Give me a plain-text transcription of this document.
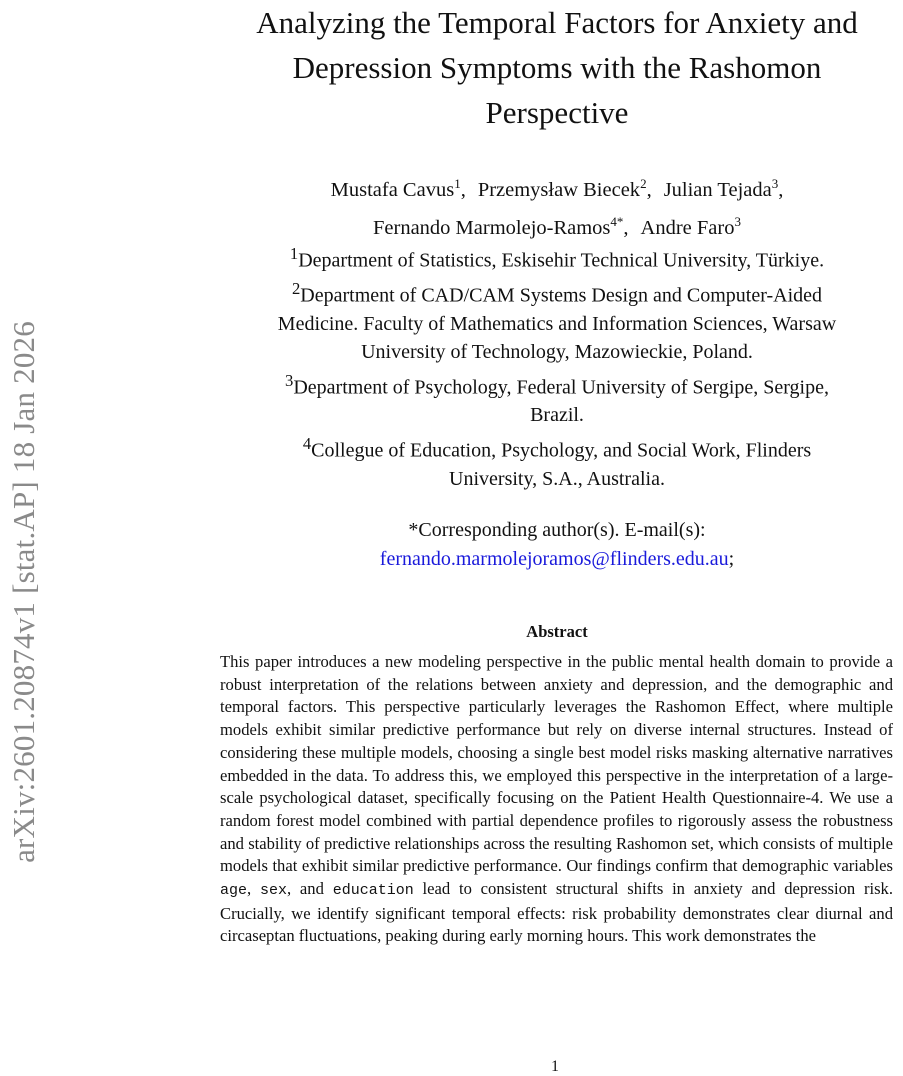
arXiv:2601.20874v1 [stat.AP] 18 Jan 2026
Analyzing the Temporal Factors for Anxiety and
Depression Symptoms with the Rashomon
Perspective
Mustafa Cavus$^1$, Przemysław Biecek$^2$, Julian Tejada$^3$,
Fernando Marmolejo-Ramos$^{4*}$, Andre Faro$^3$
$^1$Department of Statistics, Eskisehir Technical University, Türkiye.
$^2$Department of CAD/CAM Systems Design and Computer-Aided
Medicine. Faculty of Mathematics and Information Sciences, Warsaw
University of Technology, Mazowieckie, Poland.
$^3$Department of Psychology, Federal University of Sergipe, Sergipe,
Brazil.
$^4$Collegue of Education, Psychology, and Social Work, Flinders
University, S.A., Australia.
*Corresponding author(s). E-mail(s):
fernando.marmolejoramos@flinders.edu.au;
Abstract

This paper introduces a new modeling perspective in the public mental health domain to provide a robust interpretation of the relations between anxiety and depression, and the demographic and temporal factors. This perspective particularly leverages the Rashomon Effect, where multiple models exhibit similar predictive performance but rely on diverse internal structures. Instead of considering these multiple models, choosing a single best model risks masking alternative narratives embedded in the data. To address this, we employed this perspective in the interpretation of a large-scale psychological dataset, specifically focusing on the Patient Health Questionnaire-4. We use a random forest model combined with partial dependence profiles to rigorously assess the robustness and stability of predictive relationships across the resulting Rashomon set, which consists of multiple models that exhibit similar predictive performance. Our findings confirm that demographic variables age, sex, and education lead to consistent structural shifts in anxiety and depression risk. Crucially, we identify significant temporal effects: risk probability demonstrates clear diurnal and circaseptan fluctuations, peaking during early morning hours. This work demonstrates the

1
